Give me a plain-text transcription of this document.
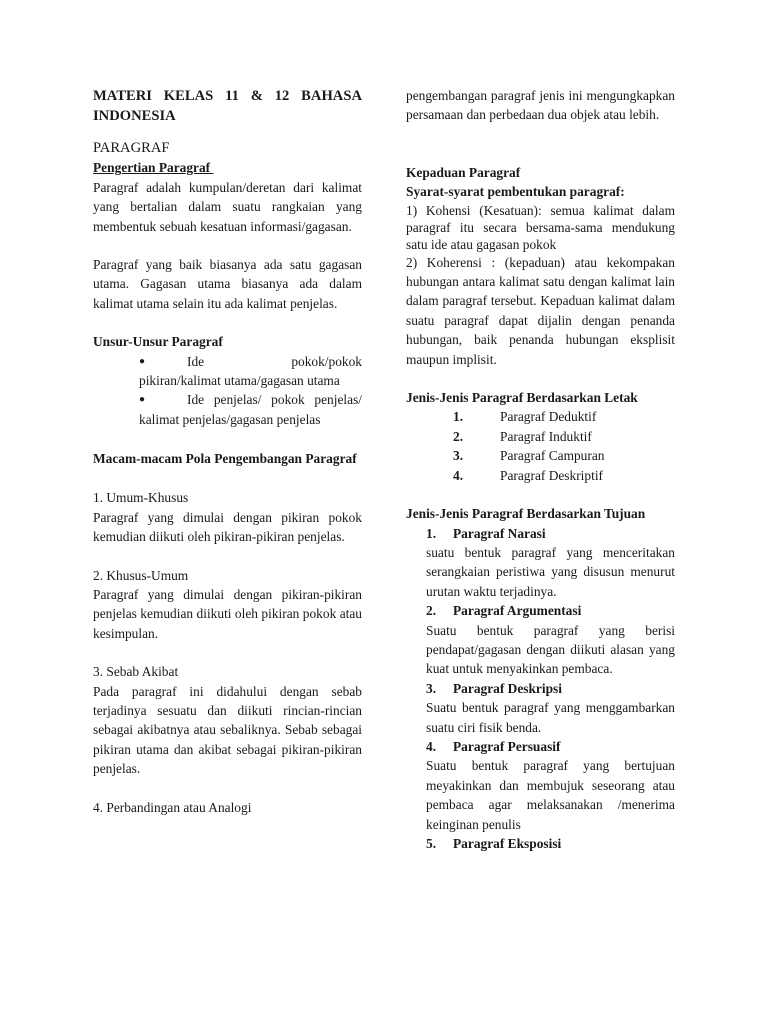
MATERI KELAS 11 & 12 BAHASA

INDONESIA

PARAGRAF

Pengertian Paragraf

Paragraf adalah kumpulan/deretan dari kalimat yang bertalian dalam suatu rangkaian yang membentuk sebuah kesatuan informasi/gagasan.

Paragraf yang baik biasanya ada satu gagasan utama. Gagasan utama biasanya ada dalam kalimat utama selain itu ada kalimat penjelas.

Unsur-Unsur Paragraf

●	Ide pokok/pokok pikiran/kalimat utama/gagasan utama

●	Ide penjelas/ pokok penjelas/ kalimat penjelas/gagasan penjelas

Macam-macam Pola Pengembangan Paragraf

1. Umum-Khusus

Paragraf yang dimulai dengan pikiran pokok kemudian diikuti oleh pikiran-pikiran penjelas.

2. Khusus-Umum

Paragraf yang dimulai dengan pikiran-pikiran penjelas kemudian diikuti oleh pikiran pokok atau kesimpulan.

3. Sebab Akibat

Pada paragraf ini didahului dengan sebab terjadinya sesuatu dan diikuti rincian-rincian sebagai akibatnya atau sebaliknya. Sebab sebagai pikiran utama dan akibat sebagai pikiran-pikiran penjelas.

4. Perbandingan atau Analogi

pengembangan paragraf jenis ini mengungkapkan persamaan dan perbedaan dua objek atau lebih.

Kepaduan Paragraf

Syarat-syarat pembentukan paragraf:

1) Kohensi (Kesatuan): semua kalimat dalam paragraf itu secara bersama-sama mendukung satu ide atau gagasan pokok

2) Koherensi : (kepaduan) atau kekompakan hubungan antara kalimat satu dengan kalimat lain dalam paragraf tersebut. Kepaduan kalimat dalam suatu paragraf dapat dijalin dengan penanda hubungan, baik penanda hubungan eksplisit maupun implisit.

Jenis-Jenis Paragraf Berdasarkan Letak

1.	Paragraf Deduktif
2.	Paragraf Induktif
3.	Paragraf Campuran
4.	Paragraf Deskriptif

Jenis-Jenis Paragraf Berdasarkan Tujuan

1.	Paragraf Narasi

suatu bentuk paragraf yang menceritakan serangkaian peristiwa yang disusun menurut urutan waktu terjadinya.

2.	Paragraf Argumentasi

Suatu bentuk paragraf yang berisi pendapat/gagasan dengan diikuti alasan yang kuat untuk menyakinkan pembaca.

3.	Paragraf Deskripsi

Suatu bentuk paragraf yang menggambarkan suatu ciri fisik benda.

4.	Paragraf Persuasif

Suatu bentuk paragraf yang bertujuan meyakinkan dan membujuk seseorang atau pembaca agar melaksanakan /menerima keinginan penulis

5.	Paragraf Eksposisi
